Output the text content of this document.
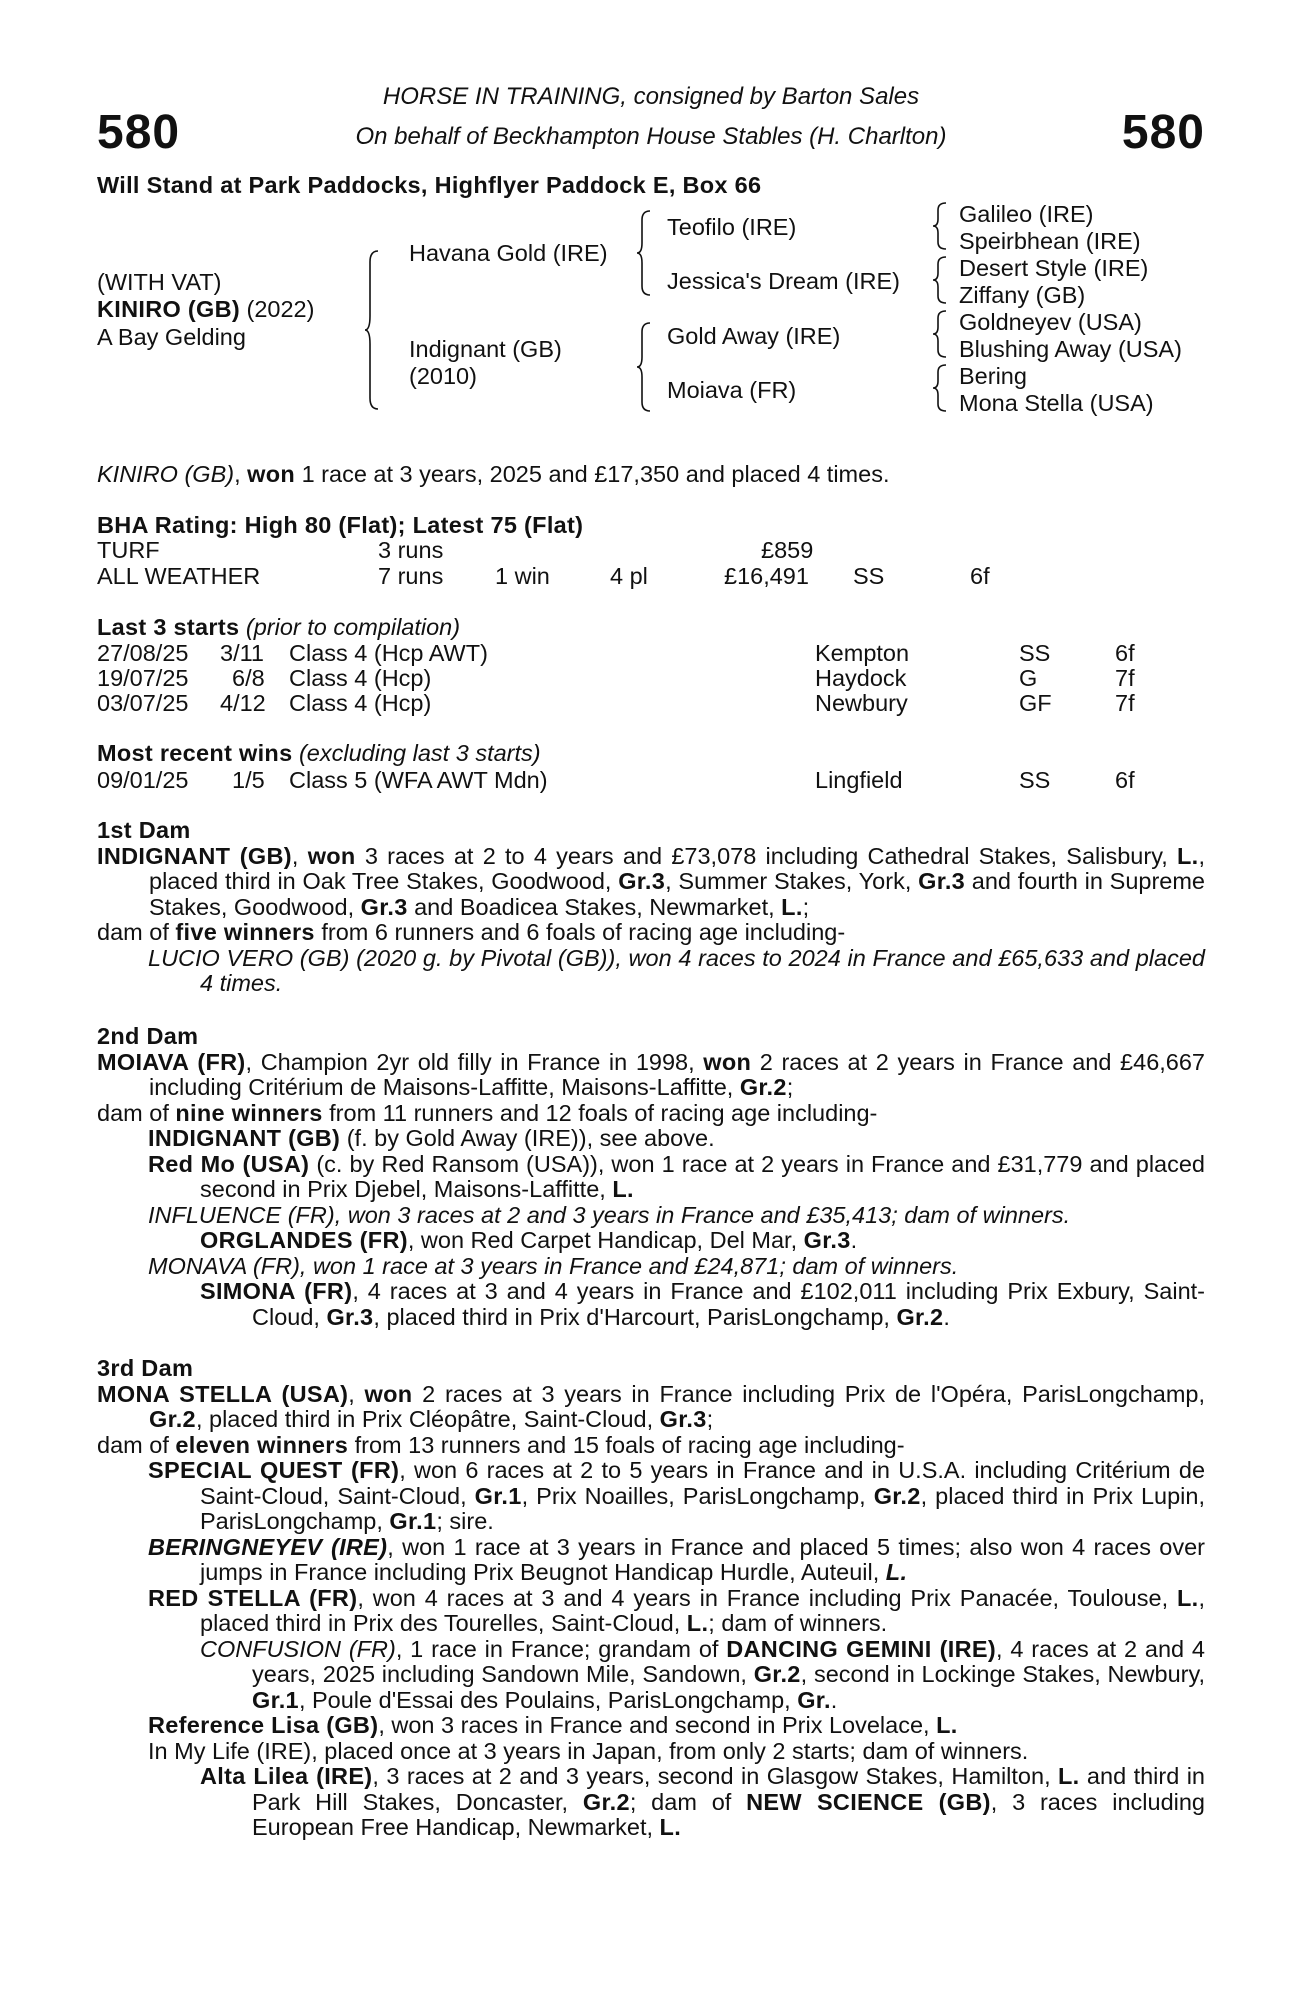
580	580
HORSE IN TRAINING, consigned by Barton Sales
On behalf of Beckhampton House Stables (H. Charlton)
Will Stand at Park Paddocks, Highflyer Paddock E, Box 66
(WITH VAT)
KINIRO (GB) (2022)
A Bay Gelding
Havana Gold (IRE)
Indignant (GB)
(2010)
Teofilo (IRE)
Jessica's Dream (IRE)
Gold Away (IRE)
Moiava (FR)
Galileo (IRE)
Speirbhean (IRE)
Desert Style (IRE)
Ziffany (GB)
Goldneyev (USA)
Blushing Away (USA)
Bering
Mona Stella (USA)
KINIRO (GB), won 1 race at 3 years, 2025 and £17,350 and placed 4 times.
BHA Rating: High 80 (Flat); Latest 75 (Flat)
TURF	3 runs	£859
ALL WEATHER	7 runs 1 win	4 pl	£16,491 SS	6f
Last 3 starts (prior to compilation)
27/08/25 3/11 Class 4 (Hcp AWT)	Kempton	SS	6f
19/07/25 6/8 Class 4 (Hcp)	Haydock	G	7f
03/07/25 4/12 Class 4 (Hcp)	Newbury	GF	7f
Most recent wins (excluding last 3 starts)
09/01/25 1/5 Class 5 (WFA AWT Mdn)	Lingfield	SS	6f
1st Dam
INDIGNANT (GB), won 3 races at 2 to 4 years and £73,078 including Cathedral Stakes, Salisbury, L., placed third in Oak Tree Stakes, Goodwood, Gr.3, Summer Stakes, York, Gr.3 and fourth in Supreme Stakes, Goodwood, Gr.3 and Boadicea Stakes, Newmarket, L.;
dam of five winners from 6 runners and 6 foals of racing age including-
LUCIO VERO (GB) (2020 g. by Pivotal (GB)), won 4 races to 2024 in France and £65,633 and placed 4 times.
2nd Dam
MOIAVA (FR), Champion 2yr old filly in France in 1998, won 2 races at 2 years in France and £46,667 including Critérium de Maisons-Laffitte, Maisons-Laffitte, Gr.2;
dam of nine winners from 11 runners and 12 foals of racing age including-
INDIGNANT (GB) (f. by Gold Away (IRE)), see above.
Red Mo (USA) (c. by Red Ransom (USA)), won 1 race at 2 years in France and £31,779 and placed second in Prix Djebel, Maisons-Laffitte, L.
INFLUENCE (FR), won 3 races at 2 and 3 years in France and £35,413; dam of winners.
ORGLANDES (FR), won Red Carpet Handicap, Del Mar, Gr.3.
MONAVA (FR), won 1 race at 3 years in France and £24,871; dam of winners.
SIMONA (FR), 4 races at 3 and 4 years in France and £102,011 including Prix Exbury, Saint-Cloud, Gr.3, placed third in Prix d'Harcourt, ParisLongchamp, Gr.2.
3rd Dam
MONA STELLA (USA), won 2 races at 3 years in France including Prix de l'Opéra, ParisLongchamp, Gr.2, placed third in Prix Cléopâtre, Saint-Cloud, Gr.3;
dam of eleven winners from 13 runners and 15 foals of racing age including-
SPECIAL QUEST (FR), won 6 races at 2 to 5 years in France and in U.S.A. including Critérium de Saint-Cloud, Saint-Cloud, Gr.1, Prix Noailles, ParisLongchamp, Gr.2, placed third in Prix Lupin, ParisLongchamp, Gr.1; sire.
BERINGNEYEV (IRE), won 1 race at 3 years in France and placed 5 times; also won 4 races over jumps in France including Prix Beugnot Handicap Hurdle, Auteuil, L.
RED STELLA (FR), won 4 races at 3 and 4 years in France including Prix Panacée, Toulouse, L., placed third in Prix des Tourelles, Saint-Cloud, L.; dam of winners.
CONFUSION (FR), 1 race in France; grandam of DANCING GEMINI (IRE), 4 races at 2 and 4 years, 2025 including Sandown Mile, Sandown, Gr.2, second in Lockinge Stakes, Newbury, Gr.1, Poule d'Essai des Poulains, ParisLongchamp, Gr..
Reference Lisa (GB), won 3 races in France and second in Prix Lovelace, L.
In My Life (IRE), placed once at 3 years in Japan, from only 2 starts; dam of winners.
Alta Lilea (IRE), 3 races at 2 and 3 years, second in Glasgow Stakes, Hamilton, L. and third in Park Hill Stakes, Doncaster, Gr.2; dam of NEW SCIENCE (GB), 3 races including European Free Handicap, Newmarket, L.
